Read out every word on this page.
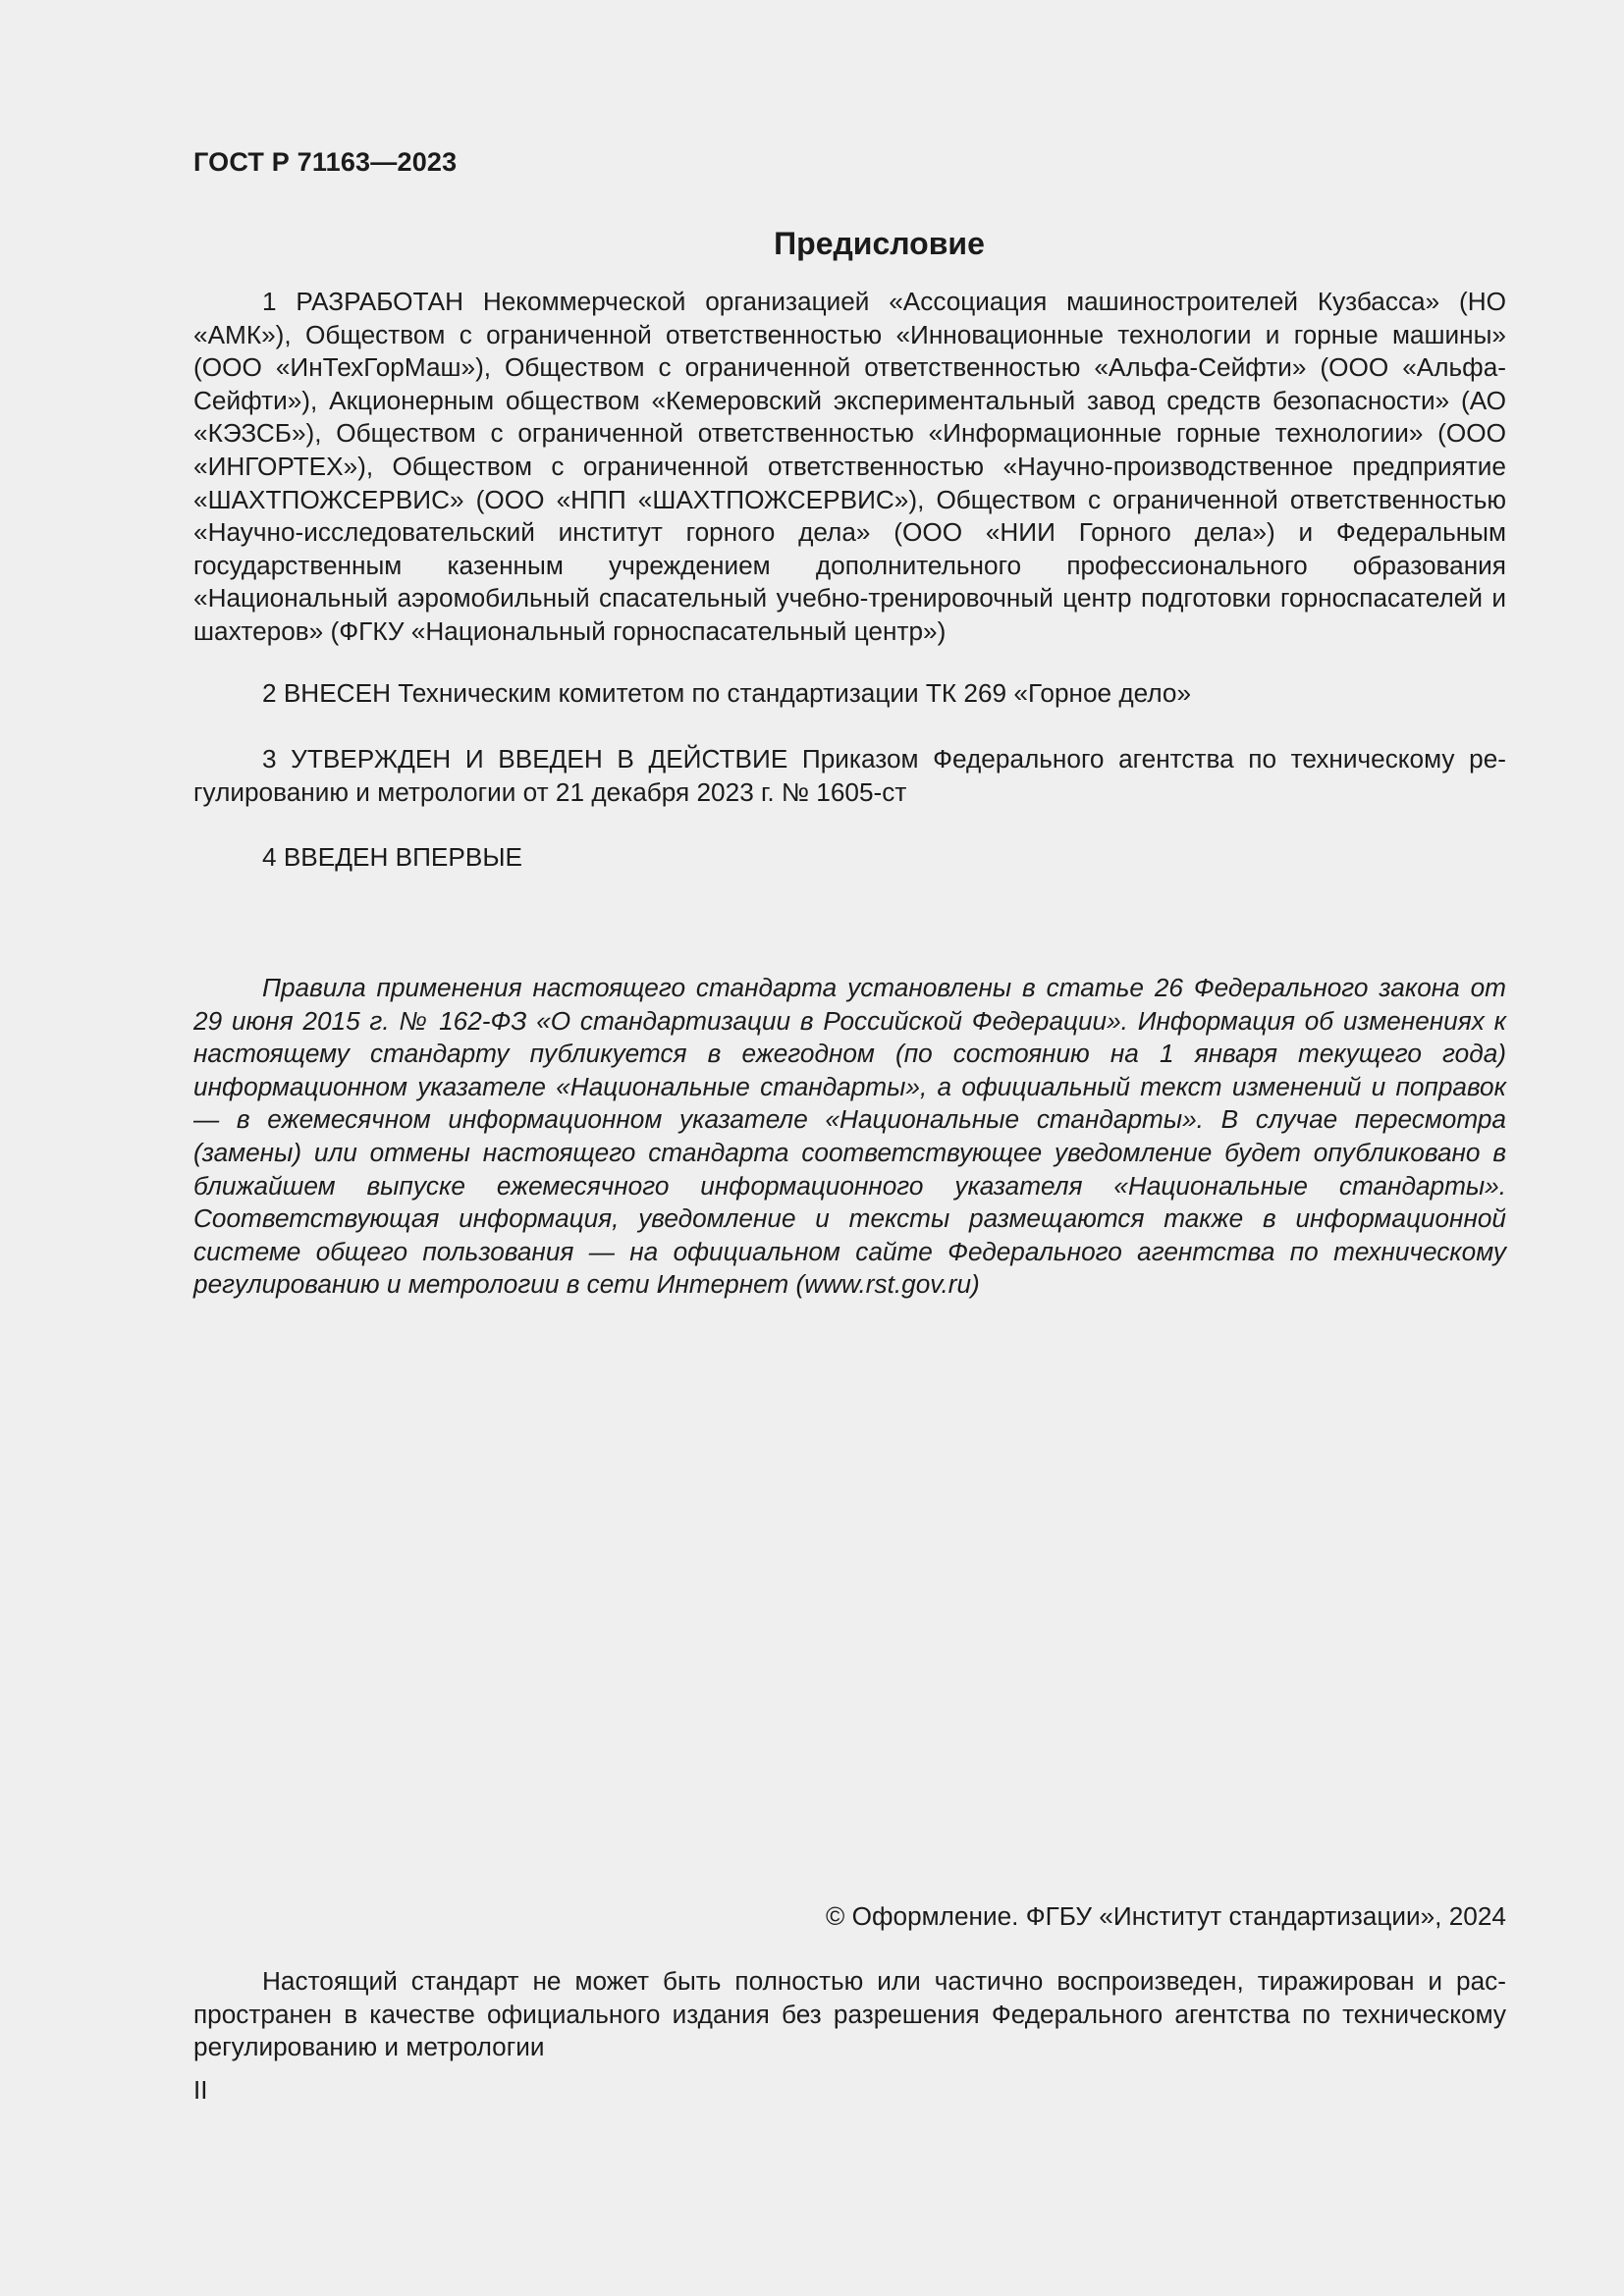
ГОСТ Р 71163—2023
Предисловие

1 РАЗРАБОТАН Некоммерческой организацией «Ассоциация машиностроителей Кузбасса» (НО «АМК»), Обществом с ограниченной ответственностью «Инновационные технологии и горные машины» (ООО «ИнТехГорМаш»), Обществом с ограниченной ответственностью «Альфа-Сейфти» (ООО «Альфа-Сейфти»), Акционерным обществом «Кемеровский экспериментальный завод средств безопасности» (АО «КЭЗСБ»), Обществом с ограниченной ответственностью «Информационные горные технологии» (ООО «ИНГОРТЕХ»), Обществом с ограниченной ответственностью «Научно-производственное предприятие «ШАХТПОЖСЕРВИС» (ООО «НПП «ШАХТПОЖСЕРВИС»), Обществом с ограниченной ответственностью «Научно-исследовательский институт горного дела» (ООО «НИИ Горного дела») и Федеральным государственным казенным учреждением дополнительного профессионального образования «Национальный аэромобильный спасательный учебно-тренировочный центр подготовки горноспасателей и шахтеров» (ФГКУ «Национальный горноспасательный центр»)

2 ВНЕСЕН Техническим комитетом по стандартизации ТК 269 «Горное дело»

3 УТВЕРЖДЕН И ВВЕДЕН В ДЕЙСТВИЕ Приказом Федерального агентства по техническому регулированию и метрологии от 21 декабря 2023 г. № 1605-ст

4 ВВЕДЕН ВПЕРВЫЕ

Правила применения настоящего стандарта установлены в статье 26 Федерального закона от 29 июня 2015 г. № 162-ФЗ «О стандартизации в Российской Федерации». Информация об изменениях к настоящему стандарту публикуется в ежегодном (по состоянию на 1 января текущего года) информационном указателе «Национальные стандарты», а официальный текст изменений и поправок — в ежемесячном информационном указателе «Национальные стандарты». В случае пересмотра (замены) или отмены настоящего стандарта соответствующее уведомление будет опубликовано в ближайшем выпуске ежемесячного информационного указателя «Национальные стандарты». Соответствующая информация, уведомление и тексты размещаются также в информационной системе общего пользования — на официальном сайте Федерального агентства по техническому регулированию и метрологии в сети Интернет (www.rst.gov.ru)

© Оформление. ФГБУ «Институт стандартизации», 2024

Настоящий стандарт не может быть полностью или частично воспроизведен, тиражирован и распространен в качестве официального издания без разрешения Федерального агентства по техническому регулированию и метрологии

II
